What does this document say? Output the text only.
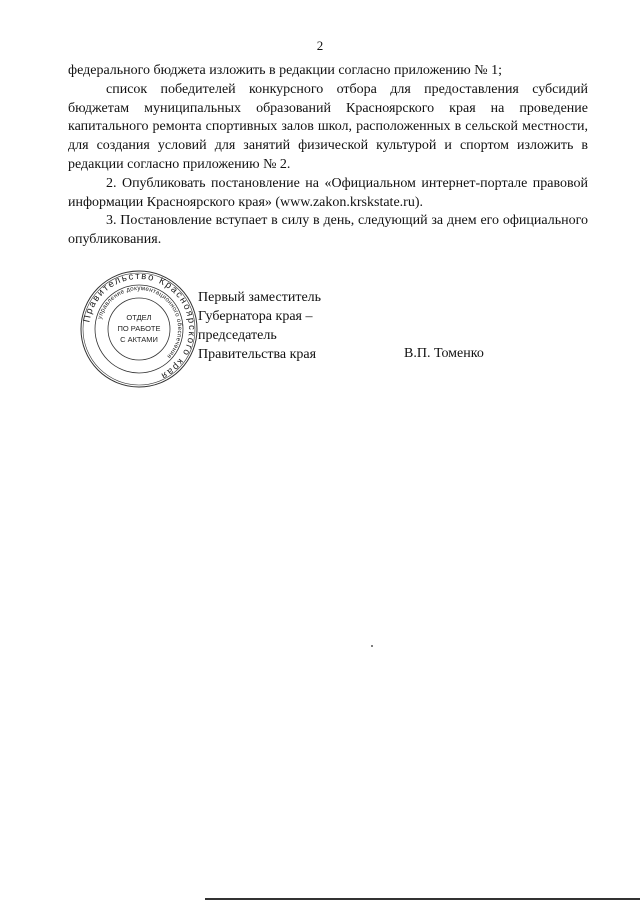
2

федерального бюджета изложить в редакции согласно приложению № 1;

список победителей конкурсного отбора для предоставления субсидий бюджетам муниципальных образований Красноярского края на проведение капитального ремонта спортивных залов школ, расположенных в сельской местности, для создания условий для занятий физической культурой и спортом изложить в редакции согласно приложению № 2.

2. Опубликовать постановление на «Официальном интернет-портале правовой информации Красноярского края» (www.zakon.krskstate.ru).

3. Постановление вступает в силу в день, следующий за днем его официального опубликования.

Правительство Красноярского края
управление документационного обеспечения
ОТДЕЛ
ПО РАБОТЕ
С АКТАМИ
Первый заместитель
Губернатора края –
председатель
Правительства края	В.П. Томенко
